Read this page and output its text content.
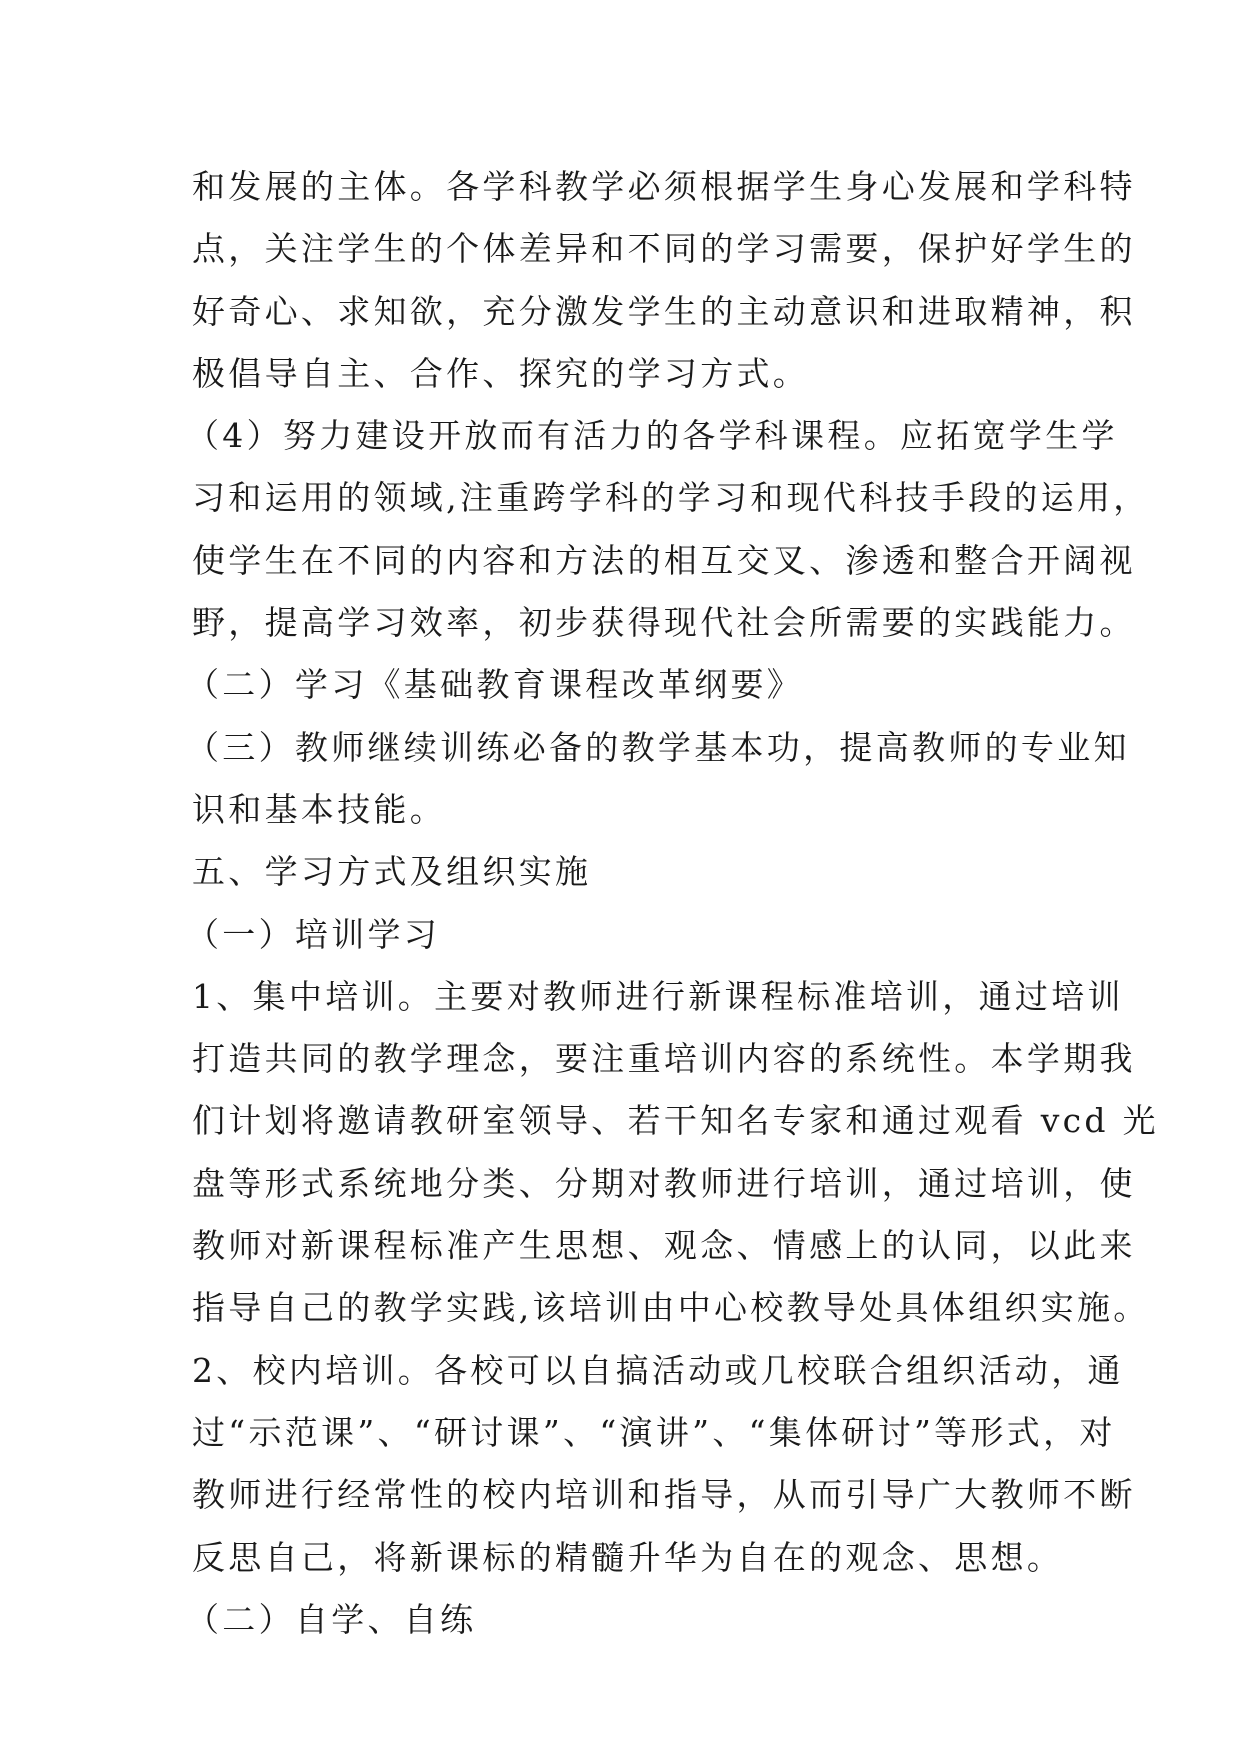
和发展的主体。各学科教学必须根据学生身心发展和学科特
点，关注学生的个体差异和不同的学习需要，保护好学生的
好奇心、求知欲，充分激发学生的主动意识和进取精神，积
极倡导自主、合作、探究的学习方式。
（4）努力建设开放而有活力的各学科课程。应拓宽学生学
习和运用的领域,注重跨学科的学习和现代科技手段的运用，
使学生在不同的内容和方法的相互交叉、渗透和整合开阔视
野，提高学习效率，初步获得现代社会所需要的实践能力。
（二）学习《基础教育课程改革纲要》
（三）教师继续训练必备的教学基本功，提高教师的专业知
识和基本技能。
五、学习方式及组织实施
（一）培训学习
1、集中培训。主要对教师进行新课程标准培训，通过培训
打造共同的教学理念，要注重培训内容的系统性。本学期我
们计划将邀请教研室领导、若干知名专家和通过观看 vcd 光
盘等形式系统地分类、分期对教师进行培训，通过培训，使
教师对新课程标准产生思想、观念、情感上的认同，以此来
指导自己的教学实践,该培训由中心校教导处具体组织实施。
2、校内培训。各校可以自搞活动或几校联合组织活动，通
过“示范课”、“研讨课”、“演讲”、“集体研讨”等形式，对
教师进行经常性的校内培训和指导，从而引导广大教师不断
反思自己，将新课标的精髓升华为自在的观念、思想。
（二）自学、自练
